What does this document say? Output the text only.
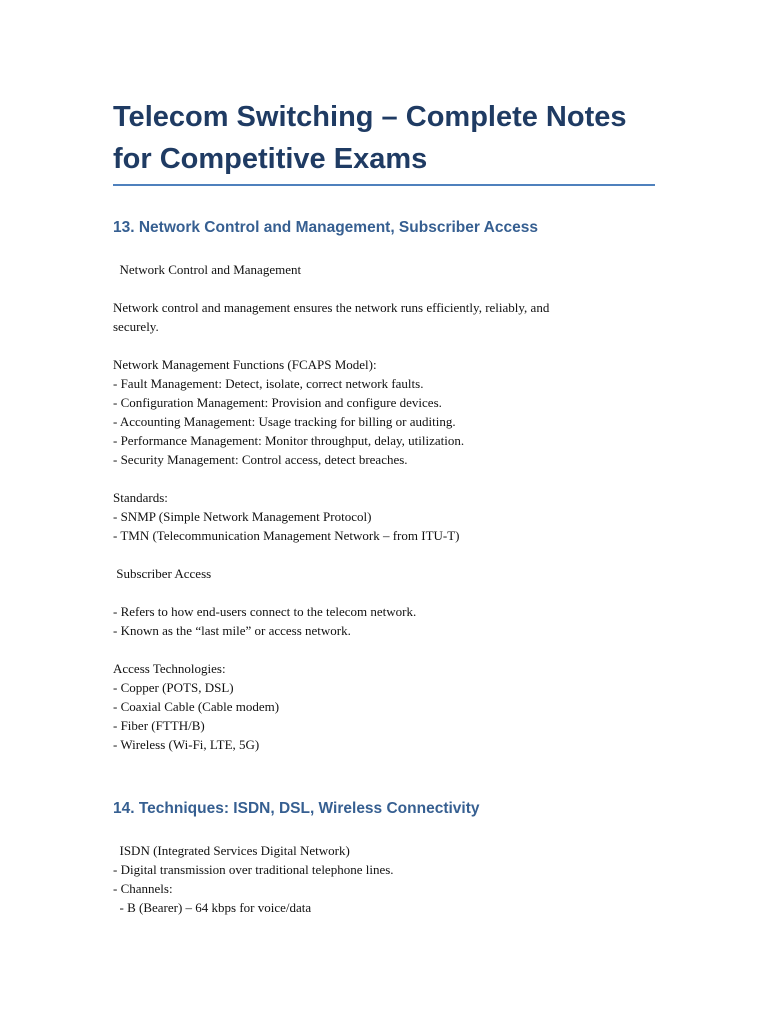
Telecom Switching – Complete Notes
for Competitive Exams
13. Network Control and Management, Subscriber Access

Network Control and Management

Network control and management ensures the network runs efficiently, reliably, and

securely.

Network Management Functions (FCAPS Model):

- Fault Management: Detect, isolate, correct network faults.

- Configuration Management: Provision and configure devices.

- Accounting Management: Usage tracking for billing or auditing.

- Performance Management: Monitor throughput, delay, utilization.

- Security Management: Control access, detect breaches.

Standards:

- SNMP (Simple Network Management Protocol)

- TMN (Telecommunication Management Network – from ITU-T)

Subscriber Access

- Refers to how end-users connect to the telecom network.

- Known as the “last mile” or access network.

Access Technologies:

- Copper (POTS, DSL)

- Coaxial Cable (Cable modem)

- Fiber (FTTH/B)

- Wireless (Wi-Fi, LTE, 5G)

14. Techniques: ISDN, DSL, Wireless Connectivity

ISDN (Integrated Services Digital Network)

- Digital transmission over traditional telephone lines.

- Channels:

- B (Bearer) – 64 kbps for voice/data
